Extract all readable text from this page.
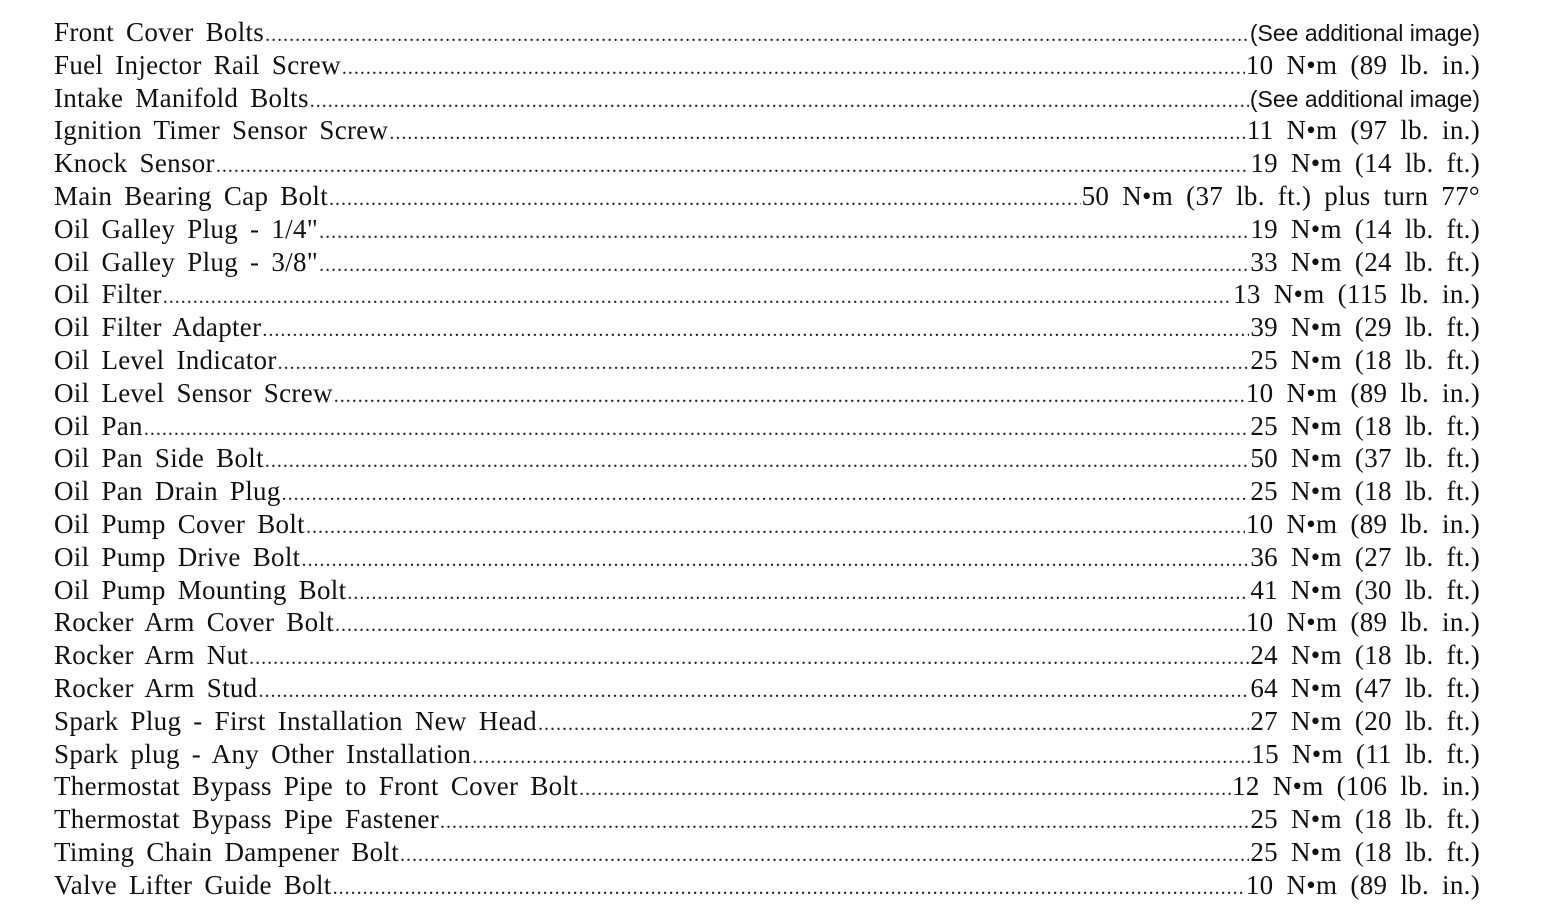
Front Cover Bolts .....	(See additional image)
Fuel Injector Rail Screw .....	10 N•m (89 lb. in.)
Intake Manifold Bolts .....	(See additional image)
Ignition Timer Sensor Screw .....	11 N•m (97 lb. in.)
Knock Sensor .....	19 N•m (14 lb. ft.)
Main Bearing Cap Bolt .....	50 N•m (37 lb. ft.) plus turn 77°
Oil Galley Plug - 1/4" .....	19 N•m (14 lb. ft.)
Oil Galley Plug - 3/8" .....	33 N•m (24 lb. ft.)
Oil Filter .....	13 N•m (115 lb. in.)
Oil Filter Adapter .....	39 N•m (29 lb. ft.)
Oil Level Indicator .....	25 N•m (18 lb. ft.)
Oil Level Sensor Screw .....	10 N•m (89 lb. in.)
Oil Pan .....	25 N•m (18 lb. ft.)
Oil Pan Side Bolt .....	50 N•m (37 lb. ft.)
Oil Pan Drain Plug .....	25 N•m (18 lb. ft.)
Oil Pump Cover Bolt .....	10 N•m (89 lb. in.)
Oil Pump Drive Bolt .....	36 N•m (27 lb. ft.)
Oil Pump Mounting Bolt .....	41 N•m (30 lb. ft.)
Rocker Arm Cover Bolt .....	10 N•m (89 lb. in.)
Rocker Arm Nut .....	24 N•m (18 lb. ft.)
Rocker Arm Stud .....	64 N•m (47 lb. ft.)
Spark Plug - First Installation New Head .....	27 N•m (20 lb. ft.)
Spark plug - Any Other Installation .....	15 N•m (11 lb. ft.)
Thermostat Bypass Pipe to Front Cover Bolt .....	12 N•m (106 lb. in.)
Thermostat Bypass Pipe Fastener .....	25 N•m (18 lb. ft.)
Timing Chain Dampener Bolt .....	25 N•m (18 lb. ft.)
Valve Lifter Guide Bolt .....	10 N•m (89 lb. in.)
